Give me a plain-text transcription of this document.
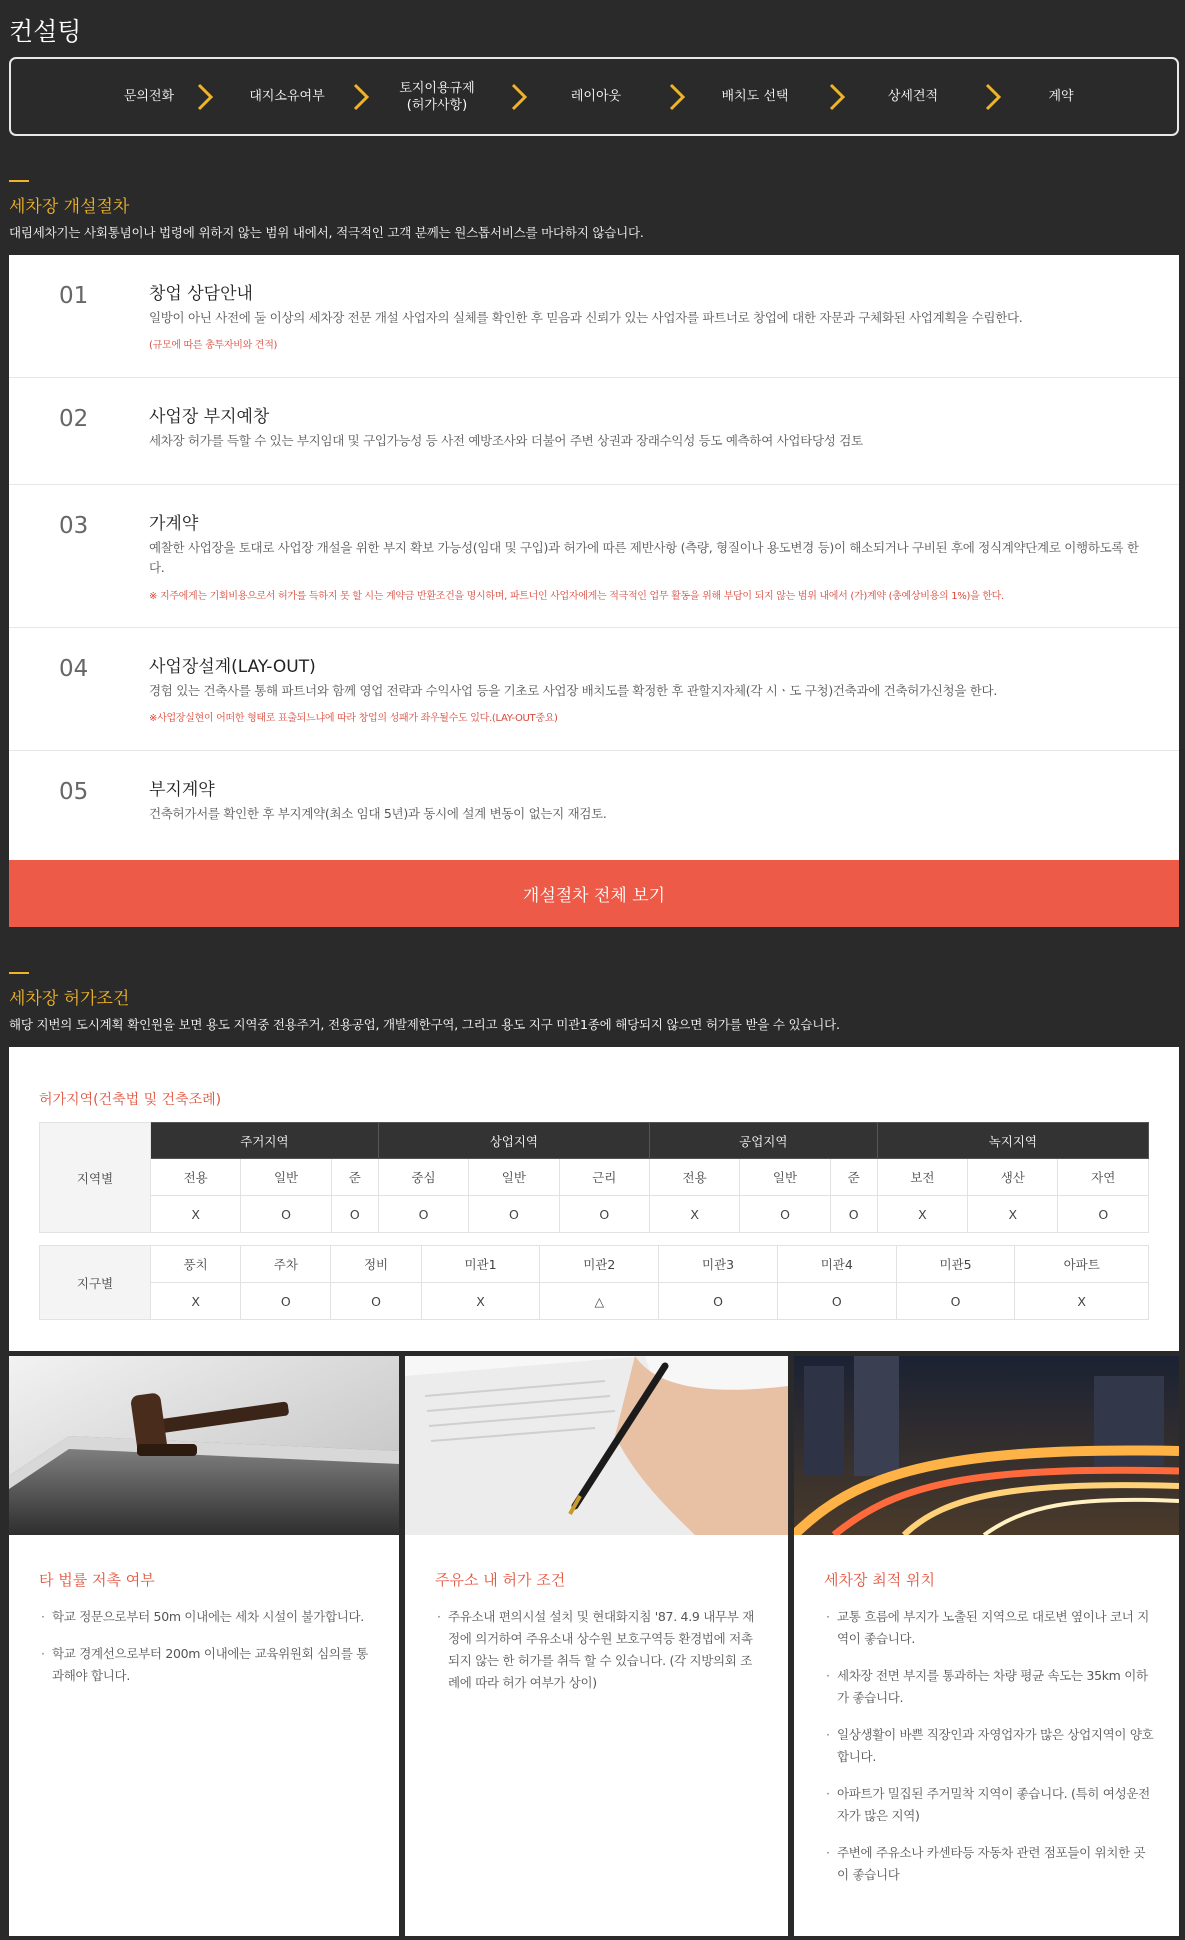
컨설팅
문의전화	대지소유여부
토지이용규제
(허가사항)
레이아웃	배치도 선택	상세견적	계약
세차장 개설절차
대림세차기는 사회통념이나 법령에 위하지 않는 범위 내에서, 적극적인 고객 분께는 원스톱서비스를 마다하지 않습니다.
01	창업 상담안내
일방이 아닌 사전에 둘 이상의 세차장 전문 개설 사업자의 실체를 확인한 후 믿음과 신뢰가 있는 사업자를 파트너로 창업에 대한 자문과 구체화된 사업계획을 수립한다.
(규모에 따른 총투자비와 견적)
02	사업장 부지예창
세차장 허가를 득할 수 있는 부지임대 및 구입가능성 등 사전 예방조사와 더불어 주변 상권과 장래수익성 등도 예측하여 사업타당성 검토
03	가계약
예찰한 사업장을 토대로 사업장 개설을 위한 부지 확보 가능성(임대 및 구입)과 허가에 따른 제반사항 (측량, 형질이나 용도변경 등)이 해소되거나 구비된 후에 정식계약단계로 이행하도록 한다.
※ 지주에게는 기회비용으로서 허가를 득하지 못 할 시는 계약금 반환조건을 명시하며, 파트너인 사업자에게는 적극적인 업무 활동을 위해 부담이 되지 않는 범위 내에서 (가)계약 (총예상비용의 1%)을 한다.
04	사업장설계(LAY-OUT)
경험 있는 건축사를 통해 파트너와 함께 영업 전략과 수익사업 등을 기초로 사업장 배치도를 확정한 후 관할지자체(각 시ㆍ도 구청)건축과에 건축허가신청을 한다.
※사업장실현이 어떠한 형태로 표출되느냐에 따라 창업의 성패가 좌우될수도 있다.(LAY-OUT중요)
05	부지계약
건축허가서를 확인한 후 부지계약(최소 임대 5년)과 동시에 설계 변동이 없는지 재검토.
개설절차 전체 보기
세차장 허가조건
해당 지번의 도시계획 확인원을 보면 용도 지역중 전용주거, 전용공업, 개발제한구역, 그리고 용도 지구 미관1종에 해당되지 않으면 허가를 받을 수 있습니다.
허가지역(건축법 및 건축조례)
지역별	주거지역			상업지역			공업지역			녹지지역		
	전용	일반	준	중심	일반	근리	전용	일반	준	보전	생산	자연
	X	O	O	O	O	O	X	O	O	X	X	O
지구별	풍치	주차	정비	미관1	미관2	미관3	미관4	미관5	아파트
	X	O	O	X	△	O	O	O	X
타 법률 저촉 여부
· 학교 정문으로부터 50m 이내에는 세차 시설이 불가합니다.
· 학교 경계선으로부터 200m 이내에는 교육위원회 심의를 통과해야 합니다.
주유소 내 허가 조건
· 주유소내 편의시설 설치 및 현대화지침 '87. 4.9 내무부 재정에 의거하여 주유소내 상수원 보호구역등 환경법에 저촉되지 않는 한 허가를 취득 할 수 있습니다. (각 지방의회 조례에 따라 허가 여부가 상이)
세차장 최적 위치
· 교통 흐름에 부지가 노출된 지역으로 대로변 옆이나 코너 지역이 좋습니다.
· 세차장 전면 부지를 통과하는 차량 평균 속도는 35km 이하가 좋습니다.
· 일상생활이 바쁜 직장인과 자영업자가 많은 상업지역이 양호합니다.
· 아파트가 밀집된 주거밀착 지역이 좋습니다. (특히 여성운전자가 많은 지역)
· 주변에 주유소나 카센타등 자동차 관련 점포들이 위치한 곳이 좋습니다
